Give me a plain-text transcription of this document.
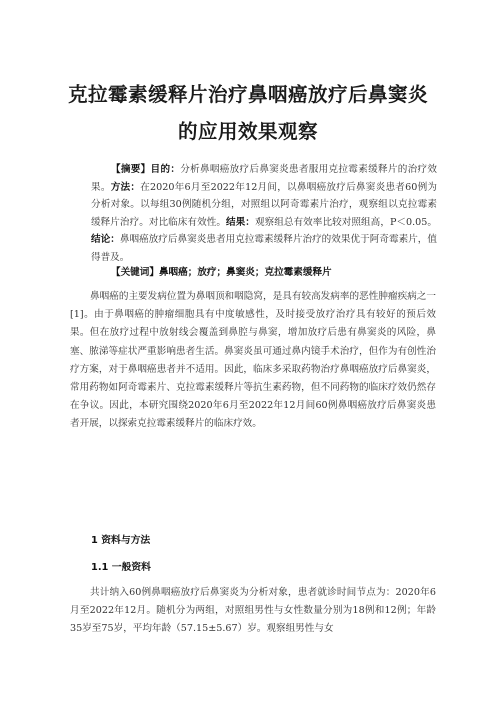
克拉霉素缓释片治疗鼻咽癌放疗后鼻窦炎的应用效果观察
【摘要】目的：分析鼻咽癌放疗后鼻窦炎患者服用克拉霉素缓释片的治疗效果。方法：在2020年6月至2022年12月间，以鼻咽癌放疗后鼻窦炎患者60例为分析对象。以每组30例随机分组，对照组以阿奇霉素片治疗，观察组以克拉霉素缓释片治疗。对比临床有效性。结果：观察组总有效率比较对照组高，P＜0.05。结论：鼻咽癌放疗后鼻窦炎患者用克拉霉素缓释片治疗的效果优于阿奇霉素片，值得普及。
【关键词】鼻咽癌；放疗；鼻窦炎；克拉霉素缓释片
鼻咽癌的主要发病位置为鼻咽顶和咽隐窝，是具有较高发病率的恶性肿瘤疾病之一[1]。由于鼻咽癌的肿瘤细胞具有中度敏感性，及时接受放疗治疗具有较好的预后效果。但在放疗过程中放射线会覆盖到鼻腔与鼻窦，增加放疗后患有鼻窦炎的风险，鼻塞、脓涕等症状严重影响患者生活。鼻窦炎虽可通过鼻内镜手术治疗，但作为有创性治疗方案，对于鼻咽癌患者并不适用。因此，临床多采取药物治疗鼻咽癌放疗后鼻窦炎，常用药物如阿奇霉素片、克拉霉素缓释片等抗生素药物，但不同药物的临床疗效仍然存在争议。因此，本研究围绕2020年6月至2022年12月间60例鼻咽癌放疗后鼻窦炎患者开展，以探索克拉霉素缓释片的临床疗效。
1 资料与方法
1.1 一般资料
共计纳入60例鼻咽癌放疗后鼻窦炎为分析对象，患者就诊时间节点为：2020年6月至2022年12月。随机分为两组，对照组男性与女性数量分别为18例和12例；年龄35岁至75岁，平均年龄（57.15±5.67）岁。观察组男性与女
